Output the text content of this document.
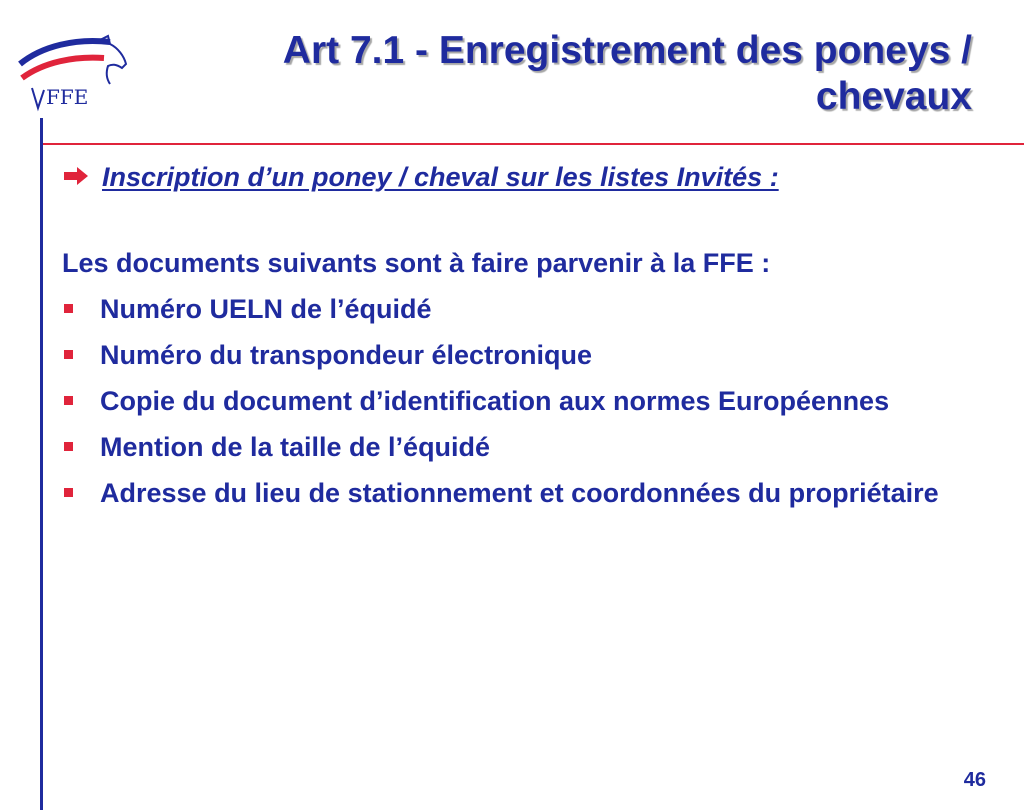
FFE
Art 7.1 - Enregistrement des poneys /
chevaux

Inscription d’un poney / cheval sur les listes Invités :

Les documents suivants sont à faire parvenir à la FFE :

Numéro UELN de l’équidé
Numéro du transpondeur électronique
Copie du document d’identification aux normes Européennes
Mention de la taille de l’équidé
Adresse du lieu de stationnement et coordonnées du propriétaire
46
